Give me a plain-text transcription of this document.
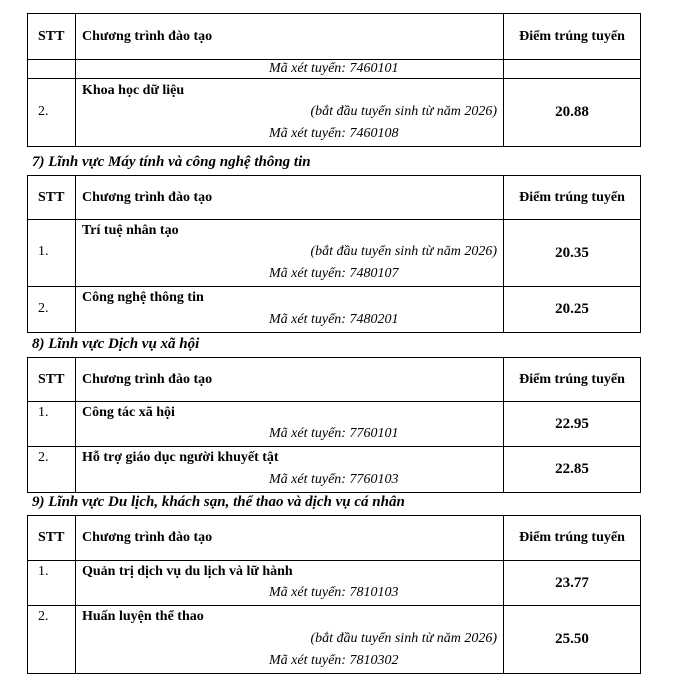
STT	Chương trình đào tạo	Điểm trúng tuyển

	Mã xét tuyển: 7460101	

2.	Khoa học dữ liệu
(bắt đầu tuyển sinh từ năm 2026)
Mã xét tuyển: 7460108	20.88
7) Lĩnh vực Máy tính và công nghệ thông tin
STT	Chương trình đào tạo	Điểm trúng tuyển

1.	Trí tuệ nhân tạo
(bắt đầu tuyển sinh từ năm 2026)
Mã xét tuyển: 7480107	20.35

2.	Công nghệ thông tin
Mã xét tuyển: 7480201	20.25
8) Lĩnh vực Dịch vụ xã hội
STT	Chương trình đào tạo	Điểm trúng tuyển

1.	Công tác xã hội
Mã xét tuyển: 7760101	22.95

2.	Hỗ trợ giáo dục người khuyết tật
Mã xét tuyển: 7760103	22.85
9) Lĩnh vực Du lịch, khách sạn, thể thao và dịch vụ cá nhân
STT	Chương trình đào tạo	Điểm trúng tuyển

1.	Quản trị dịch vụ du lịch và lữ hành
Mã xét tuyển: 7810103	23.77

2.	Huấn luyện thể thao
(bắt đầu tuyển sinh từ năm 2026)
Mã xét tuyển: 7810302	25.50
